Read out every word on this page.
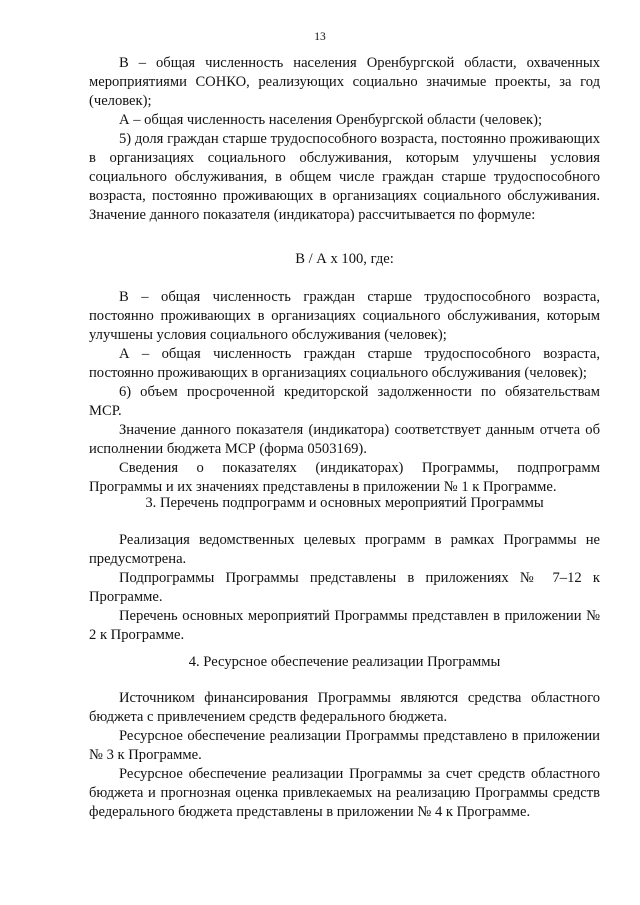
13

В – общая численность населения Оренбургской области, охваченных мероприятиями СОНКО, реализующих социально значимые проекты, за год (человек);

А – общая численность населения Оренбургской области (человек);

5) доля граждан старше трудоспособного возраста, постоянно проживающих в организациях социального обслуживания, которым улучшены условия социального обслуживания, в общем числе граждан старше трудоспособного возраста, постоянно проживающих в организациях социального обслуживания. Значение данного показателя (индикатора) рассчитывается по формуле:

В / А х 100, где:

В – общая численность граждан старше трудоспособного возраста, постоянно проживающих в организациях социального обслуживания, которым улучшены условия социального обслуживания (человек);

А – общая численность граждан старше трудоспособного возраста, постоянно проживающих в организациях социального обслуживания (человек);

6) объем просроченной кредиторской задолженности по обязательствам МСР.

Значение данного показателя (индикатора) соответствует данным отчета об исполнении бюджета МСР (форма 0503169).

Сведения о показателях (индикаторах) Программы, подпрограмм Программы и их значениях представлены в приложении № 1 к Программе.

3. Перечень подпрограмм и основных мероприятий Программы

Реализация ведомственных целевых программ в рамках Программы не предусмотрена.

Подпрограммы Программы представлены в приложениях № 7–12 к Программе.

Перечень основных мероприятий Программы представлен в приложении № 2 к Программе.

4. Ресурсное обеспечение реализации Программы

Источником финансирования Программы являются средства областного бюджета с привлечением средств федерального бюджета.

Ресурсное обеспечение реализации Программы представлено в приложении № 3 к Программе.

Ресурсное обеспечение реализации Программы за счет средств областного бюджета и прогнозная оценка привлекаемых на реализацию Программы средств федерального бюджета представлены в приложении № 4 к Программе.
